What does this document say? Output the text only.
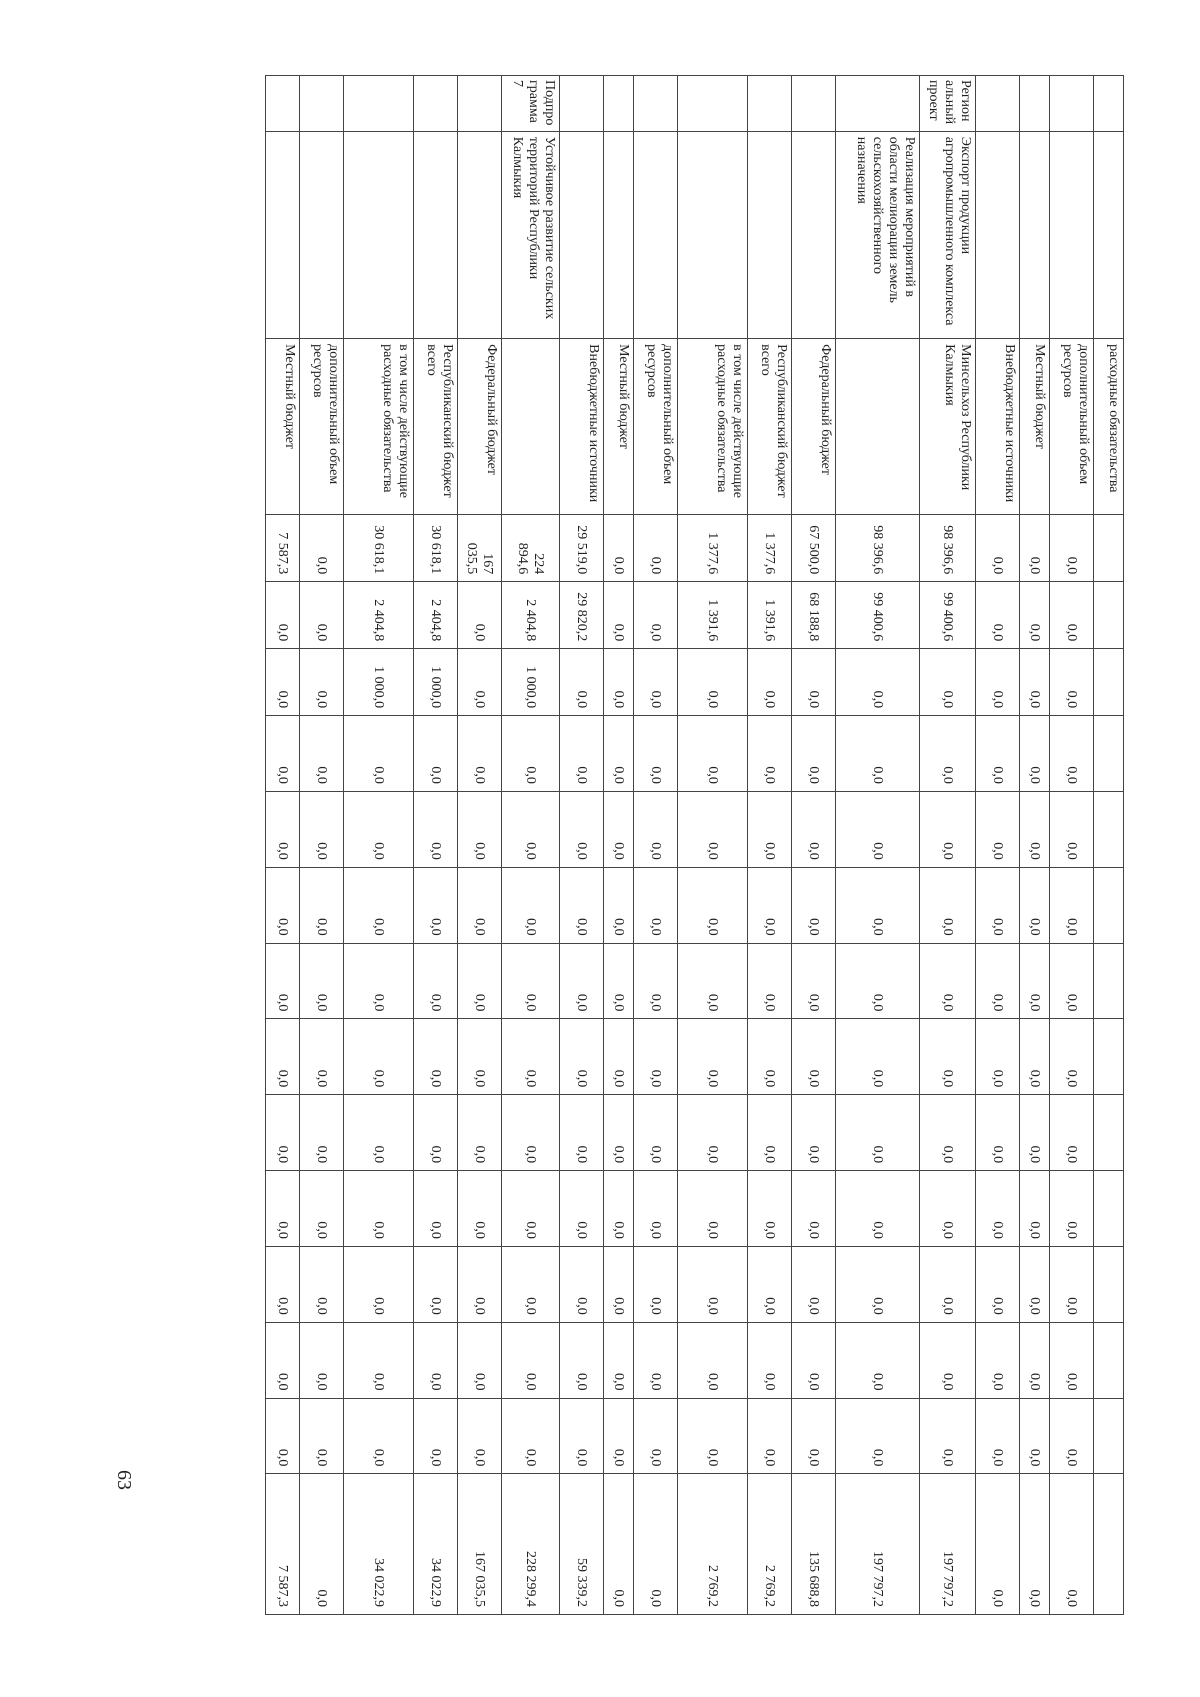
		расходные обязательства														
		дополнительный объем ресурсов	0,0	0,0	0,0	0,0	0,0	0,0	0,0	0,0	0,0	0,0	0,0	0,0	0,0	0,0
		Местный бюджет	0,0	0,0	0,0	0,0	0,0	0,0	0,0	0,0	0,0	0,0	0,0	0,0	0,0	0,0
		Внебюджетные источники	0,0	0,0	0,0	0,0	0,0	0,0	0,0	0,0	0,0	0,0	0,0	0,0	0,0	0,0
Региональный проект	Экспорт продукции агропромышленного комплекса	Минсельхоз Республики Калмыкия	98 396,6	99 400,6	0,0	0,0	0,0	0,0	0,0	0,0	0,0	0,0	0,0	0,0	0,0	197 797,2
	Реализация мероприятий в области мелиорации земель сельскохозяйственного назначения		98 396,6	99 400,6	0,0	0,0	0,0	0,0	0,0	0,0	0,0	0,0	0,0	0,0	0,0	197 797,2
		Федеральный бюджет	67 500,0	68 188,8	0,0	0,0	0,0	0,0	0,0	0,0	0,0	0,0	0,0	0,0	0,0	135 688,8
		Республиканский бюджет всего	1 377,6	1 391,6	0,0	0,0	0,0	0,0	0,0	0,0	0,0	0,0	0,0	0,0	0,0	2 769,2
		в том числе действующие расходные обязательства	1 377,6	1 391,6	0,0	0,0	0,0	0,0	0,0	0,0	0,0	0,0	0,0	0,0	0,0	2 769,2
		дополнительный объем ресурсов	0,0	0,0	0,0	0,0	0,0	0,0	0,0	0,0	0,0	0,0	0,0	0,0	0,0	0,0
		Местный бюджет	0,0	0,0	0,0	0,0	0,0	0,0	0,0	0,0	0,0	0,0	0,0	0,0	0,0	0,0
		Внебюджетные источники	29 519,0	29 820,2	0,0	0,0	0,0	0,0	0,0	0,0	0,0	0,0	0,0	0,0	0,0	59 339,2
Подпрограмма 7	Устойчивое развитие сельских территорий Республики Калмыкия		224 894,6	2 404,8	1 000,0	0,0	0,0	0,0	0,0	0,0	0,0	0,0	0,0	0,0	0,0	228 299,4
		Федеральный бюджет	167 035,5	0,0	0,0	0,0	0,0	0,0	0,0	0,0	0,0	0,0	0,0	0,0	0,0	167 035,5
		Республиканский бюджет всего	30 618,1	2 404,8	1 000,0	0,0	0,0	0,0	0,0	0,0	0,0	0,0	0,0	0,0	0,0	34 022,9
		в том числе действующие расходные обязательства	30 618,1	2 404,8	1 000,0	0,0	0,0	0,0	0,0	0,0	0,0	0,0	0,0	0,0	0,0	34 022,9
		дополнительный объем ресурсов	0,0	0,0	0,0	0,0	0,0	0,0	0,0	0,0	0,0	0,0	0,0	0,0	0,0	0,0
		Местный бюджет	7 587,3	0,0	0,0	0,0	0,0	0,0	0,0	0,0	0,0	0,0	0,0	0,0	0,0	7 587,3
63
